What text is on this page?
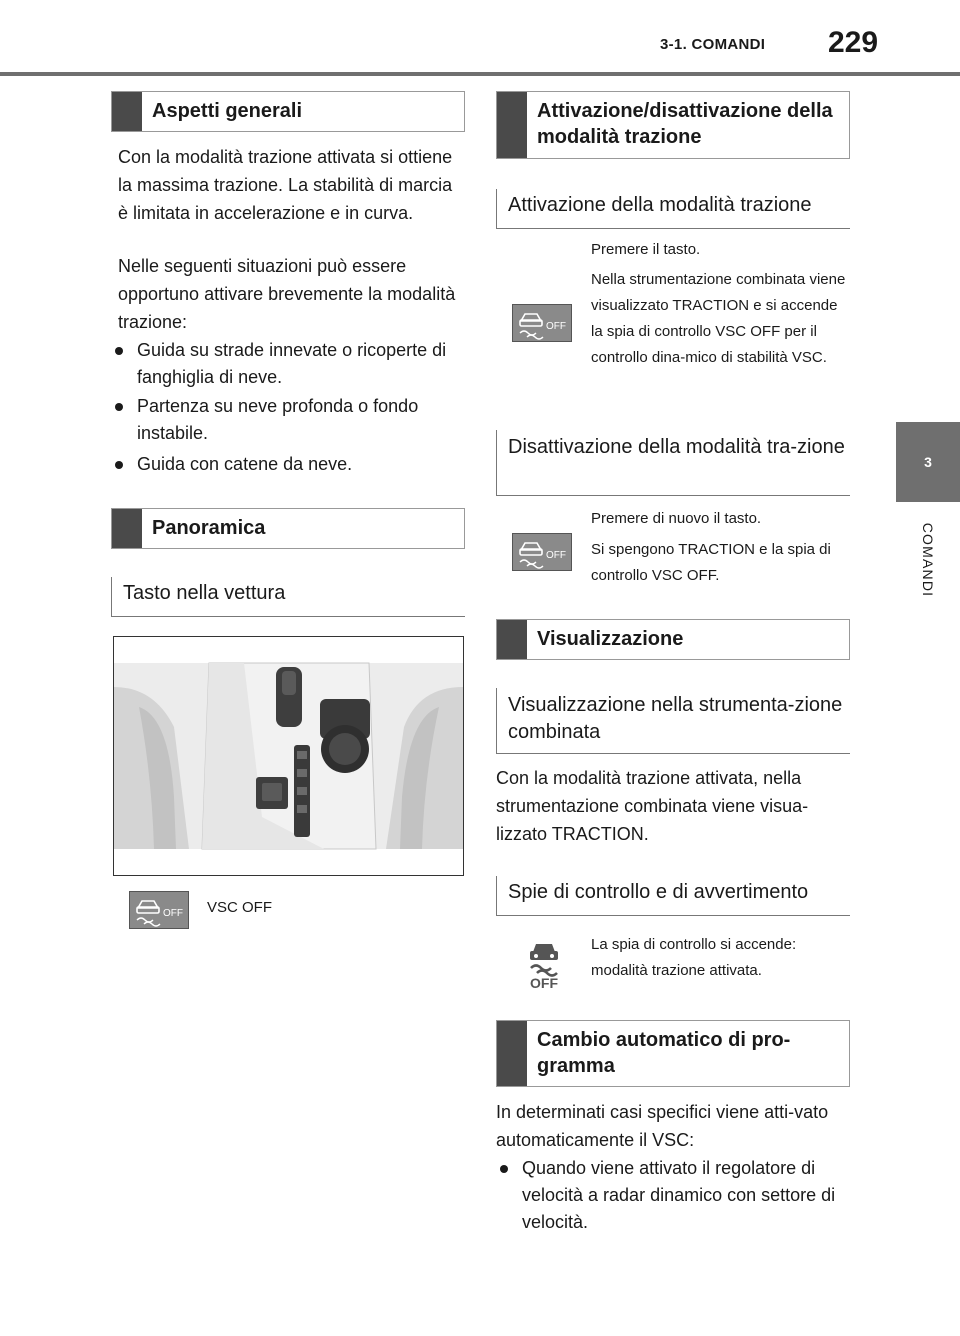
3-1. COMANDI 229
3
COMANDI
Aspetti generali
Con la modalità trazione attivata si ottiene la massima trazione. La stabilità di marcia è limitata in accelerazione e in curva.
Nelle seguenti situazioni può essere opportuno attivare brevemente la modalità trazione:
Guida su strade innevate o ricoperte di fanghiglia di neve.
Partenza su neve profonda o fondo instabile.
Guida con catene da neve.
Panoramica
Tasto nella vettura
OFF VSC OFF
Attivazione/disattivazione della modalità trazione
Attivazione della modalità trazione
OFF
Premere il tasto.
Nella strumentazione combinata viene visualizzato TRACTION e si accende la spia di controllo VSC OFF per il controllo dina-mico di stabilità VSC.
Disattivazione della modalità tra-zione
OFF
Premere di nuovo il tasto.
Si spengono TRACTION e la spia di controllo VSC OFF.
Visualizzazione
Visualizzazione nella strumenta-zione combinata
Con la modalità trazione attivata, nella strumentazione combinata viene visua-lizzato TRACTION.
Spie di controllo e di avvertimento
OFF
La spia di controllo si accende: modalità trazione attivata.
Cambio automatico di pro-gramma
In determinati casi specifici viene atti-vato automaticamente il VSC:
Quando viene attivato il regolatore di velocità a radar dinamico con settore di velocità.
